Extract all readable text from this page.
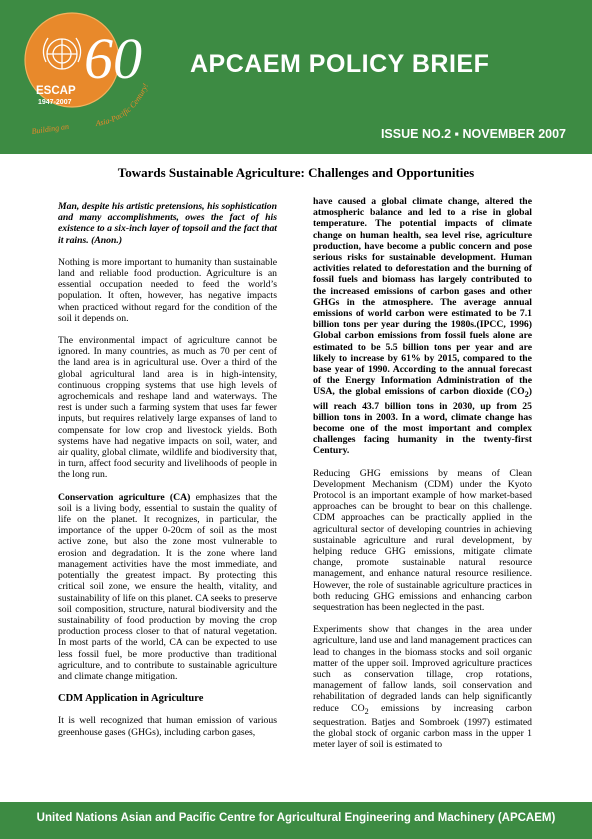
60
ESCAP
1947-2007
Asia-Pacific Century!
Building an
APCAEM POLICY BRIEF
ISSUE NO.2 ▪ NOVEMBER 2007
Towards Sustainable Agriculture: Challenges and Opportunities

Man, despite his artistic pretensions, his sophistication and many accomplishments, owes the fact of his existence to a six-inch layer of topsoil and the fact that it rains. (Anon.)

Nothing is more important to humanity than sustainable land and reliable food production. Agriculture is an essential occupation needed to feed the world’s population. It often, however, has negative impacts when practiced without regard for the condition of the soil it depends on.

The environmental impact of agriculture cannot be ignored. In many countries, as much as 70 per cent of the land area is in agricultural use. Over a third of the global agricultural land area is in high-intensity, continuous cropping systems that use high levels of agrochemicals and reshape land and waterways. The rest is under such a farming system that uses far fewer inputs, but requires relatively large expanses of land to compensate for low crop and livestock yields. Both systems have had negative impacts on soil, water, and air quality, global climate, wildlife and biodiversity that, in turn, affect food security and livelihoods of people in the long run.

Conservation agriculture (CA) emphasizes that the soil is a living body, essential to sustain the quality of life on the planet. It recognizes, in particular, the importance of the upper 0-20cm of soil as the most active zone, but also the zone most vulnerable to erosion and degradation. It is the zone where land management activities have the most immediate, and potentially the greatest impact. By protecting this critical soil zone, we ensure the health, vitality, and sustainability of life on this planet. CA seeks to preserve soil composition, structure, natural biodiversity and the sustainability of food production by moving the crop production process closer to that of natural vegetation. In most parts of the world, CA can be expected to use less fossil fuel, be more productive than traditional agriculture, and to contribute to sustainable agriculture and climate change mitigation.

CDM Application in Agriculture

It is well recognized that human emission of various greenhouse gases (GHGs), including carbon gases,

have caused a global climate change, altered the atmospheric balance and led to a rise in global temperature. The potential impacts of climate change on human health, sea level rise, agriculture production, have become a public concern and pose serious risks for sustainable development. Human activities related to deforestation and the burning of fossil fuels and biomass has largely contributed to the increased emissions of carbon gases and other GHGs in the atmosphere. The average annual emissions of world carbon were estimated to be 7.1 billion tons per year during the 1980s.(IPCC, 1996) Global carbon emissions from fossil fuels alone are estimated to be 5.5 billion tons per year and are likely to increase by 61% by 2015, compared to the base year of 1990. According to the annual forecast of the Energy Information Administration of the USA, the global emissions of carbon dioxide $(CO_2)$ will reach 43.7 billion tons in 2030, up from 25 billion tons in 2003. In a word, climate change has become one of the most important and complex challenges facing humanity in the twenty-first Century.

Reducing GHG emissions by means of Clean Development Mechanism (CDM) under the Kyoto Protocol is an important example of how market-based approaches can be brought to bear on this challenge. CDM approaches can be practically applied in the agricultural sector of developing countries in achieving sustainable agriculture and rural development, by helping reduce GHG emissions, mitigate climate change, promote sustainable natural resource management, and enhance natural resource resilience. However, the role of sustainable agriculture practices in both reducing GHG emissions and enhancing carbon sequestration has been neglected in the past.

Experiments show that changes in the area under agriculture, land use and land management practices can lead to changes in the biomass stocks and soil organic matter of the upper soil. Improved agriculture practices such as conservation tillage, crop rotations, management of fallow lands, soil conservation and rehabilitation of degraded lands can help significantly reduce $CO_2$ emissions by increasing carbon sequestration. Batjes and Sombroek (1997) estimated the global stock of organic carbon mass in the upper 1 meter layer of soil is estimated to

United Nations Asian and Pacific Centre for Agricultural Engineering and Machinery (APCAEM)
